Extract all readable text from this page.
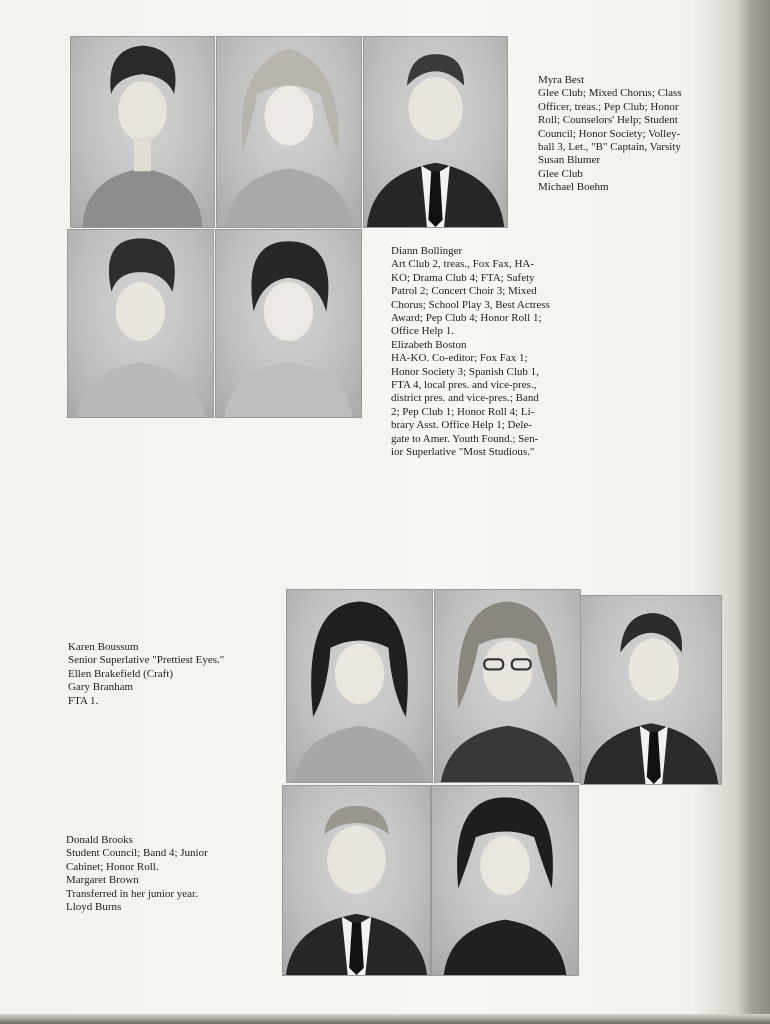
Myra Best
Glee Club; Mixed Chorus; Class
Officer, treas.; Pep Club; Honor
Roll; Counselors' Help; Student
Council; Honor Society; Volley-
ball 3, Let., "B" Captain, Varsity
Susan Blumer
Glee Club
Michael Boehm
Diann Bollinger
Art Club 2, treas., Fox Fax, HA-
KO; Drama Club 4; FTA; Safety
Patrol 2; Concert Choir 3; Mixed
Chorus; School Play 3, Best Actress
Award; Pep Club 4; Honor Roll 1;
Office Help 1.
Elizabeth Boston
HA-KO. Co-editor; Fox Fax 1;
Honor Society 3; Spanish Club 1,
FTA 4, local pres. and vice-pres.,
district pres. and vice-pres.; Band
2; Pep Club 1; Honor Roll 4; Li-
brary Asst. Office Help 1; Dele-
gate to Amer. Youth Found.; Sen-
ior Superlative "Most Studious."
Karen Boussum
Senior Superlative "Prettiest Eyes."
Ellen Brakefield (Craft)
Gary Branham
FTA 1.
Donald Brooks
Student Council; Band 4; Junior
Cabinet; Honor Roll.
Margaret Brown
Transferred in her junior year.
Lloyd Burns
